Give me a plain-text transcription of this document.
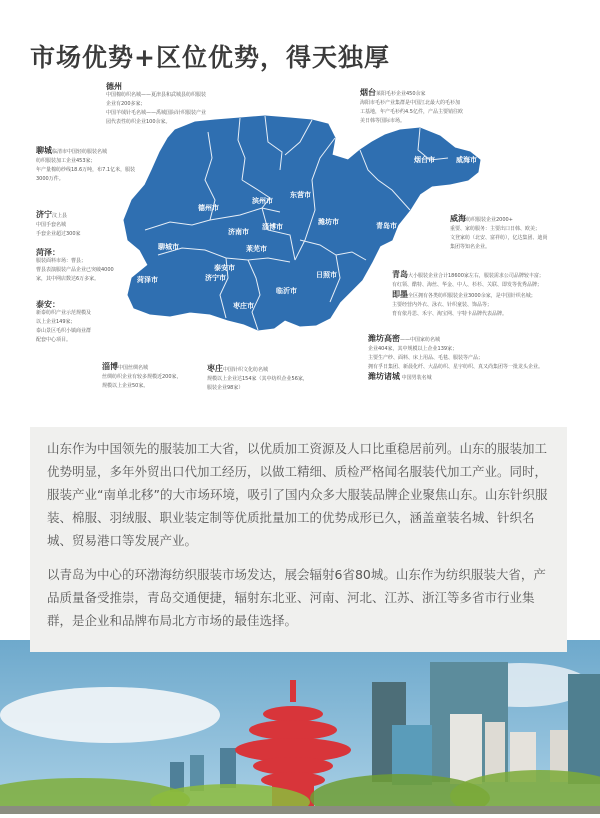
市场优势+区位优势，得天独厚
德州市
滨州市
东营市
聊城市
济南市
淄博市
莱芜市
泰安市
潍坊市
烟台市	威海市
青岛市
菏泽市	济宁市	日照市
临沂市
枣庄市
德州
中国棉纺织名城——夏津县和武城县纺织服装企业有200多家；
中国羊绒针毛名城——禹城国际针织服装产业园代表性纺织企业100余家。
烟台莱阳毛衫企业450余家
海阳市毛衫产业集群是中国江北最大的毛衫加
工基地，年产毛衫约4.5亿件，产品主要销往欧
美日韩等国际市场。
聊城临清市中国轻纺服装名城
纺织服装加工企业453家；
年产量棉纺纱线18.6万吨，布7.1亿米，服装
3000万件。
济宁汶上县
中国手套名城
手套企业超过300家
威海纺织服装企业2000+
重要、家纺服务：主要出口日韩、欧美；
文登家纺（北安、富祥纺），亿达集团、迪尚
集团等知名企业。
菏泽：
服装面料市场：曹县；
曹县表演服装产品企业已突破4000
家，其中网店数达6万多家。	青岛大小服装企业合计18600家左右，服装需求公司品牌较丰富；
有红领、酷特、海丝、华金、中人、杉杉、关联、即发等优秀品牌；
即墨全区拥有各类纺织服装企业3000余家，是中国针织名城；
主要经营内外衣、泳衣、针织童装、饰品等；
育有依丹思、禾宇、淘宝网、宇特卡品牌代表品牌。
泰安：
新泰纺织产业示范规模及
以上企业149家；
泰山景区毛织小镇商业群
配套中心项目。	潍坊高密——中国家纺名城
企业404家，其中规模以上企业139家；
主要生产纱、面料、床上用品、毛毯、服装等产品；
拥有孚日集团、新晨化纤、大晶纺织、星宇纺织、真又尚集团等一批龙头企业。
潍坊诸城 中国男装名城
淄博中国丝绸名城
丝绸纺织企业有较多规模近200家，
规模以上企业50家。
枣庄中国针织文化纺名城
规模以上企业达154家（其中纺织企业56家，
服装企业98家）

山东作为中国领先的服装加工大省，以优质加工资源及人口比重稳居前列。山东的服装加工优势明显，多年外贸出口代加工经历，以做工精细、质检严格闻名服装代加工产业。同时，服装产业“南单北移”的大市场环境，吸引了国内众多大服装品牌企业聚焦山东。山东针织服装、棉服、羽绒服、职业装定制等优质批量加工的优势成形已久，涵盖童装名城、针织名城、贸易港口等发展产业。

以青岛为中心的环渤海纺织服装市场发达，展会辐射6省80城。山东作为纺织服装大省，产品质量备受推崇，青岛交通便捷，辐射东北亚、河南、河北、江苏、浙江等多省市行业集群，是企业和品牌布局北方市场的最佳选择。
